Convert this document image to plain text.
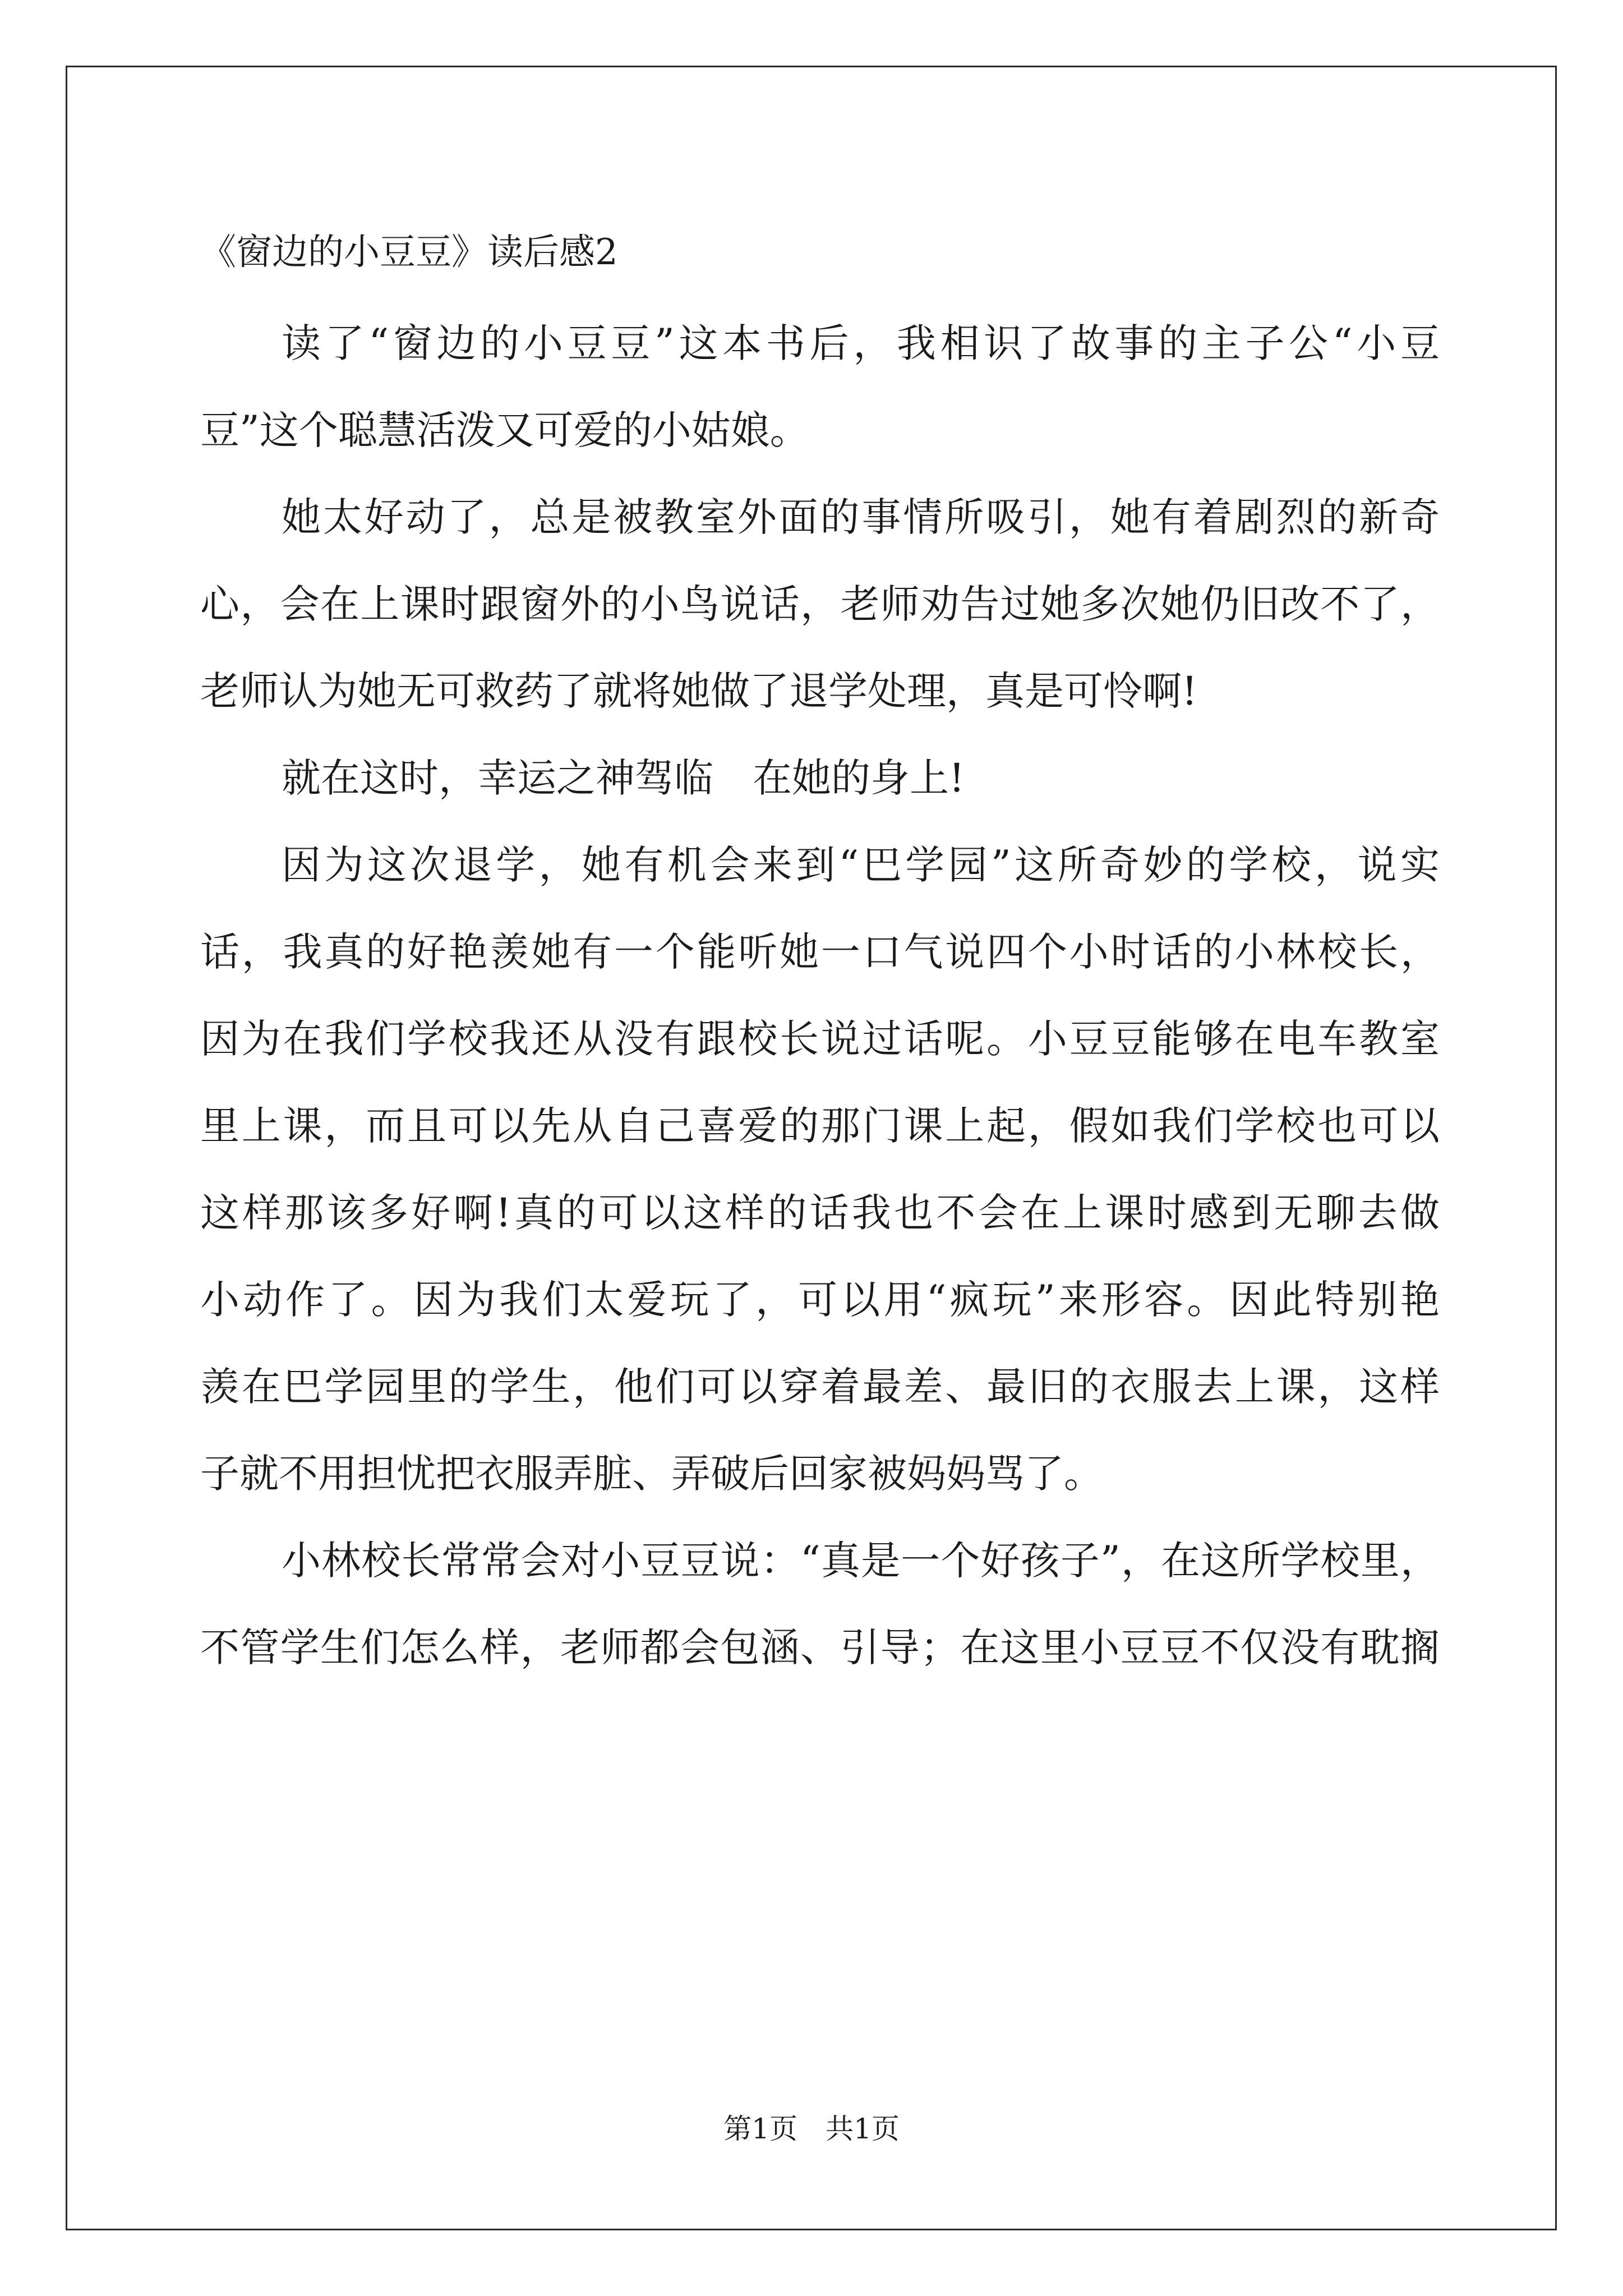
《窗边的小豆豆》读后感2
读了“窗边的小豆豆”这本书后，我相识了故事的主子公“小豆
豆”这个聪慧活泼又可爱的小姑娘。
她太好动了，总是被教室外面的事情所吸引，她有着剧烈的新奇
心，会在上课时跟窗外的小鸟说话，老师劝告过她多次她仍旧改不了，
老师认为她无可救药了就将她做了退学处理，真是可怜啊!
就在这时，幸运之神驾临　在她的身上!
因为这次退学，她有机会来到“巴学园”这所奇妙的学校，说实
话，我真的好艳羡她有一个能听她一口气说四个小时话的小林校长，
因为在我们学校我还从没有跟校长说过话呢。小豆豆能够在电车教室
里上课，而且可以先从自己喜爱的那门课上起，假如我们学校也可以
这样那该多好啊!真的可以这样的话我也不会在上课时感到无聊去做
小动作了。因为我们太爱玩了，可以用“疯玩”来形容。因此特别艳
羡在巴学园里的学生，他们可以穿着最差、最旧的衣服去上课，这样
子就不用担忧把衣服弄脏、弄破后回家被妈妈骂了。
小林校长常常会对小豆豆说：“真是一个好孩子”，在这所学校里，
不管学生们怎么样，老师都会包涵、引导；在这里小豆豆不仅没有耽搁
第1页　共1页
